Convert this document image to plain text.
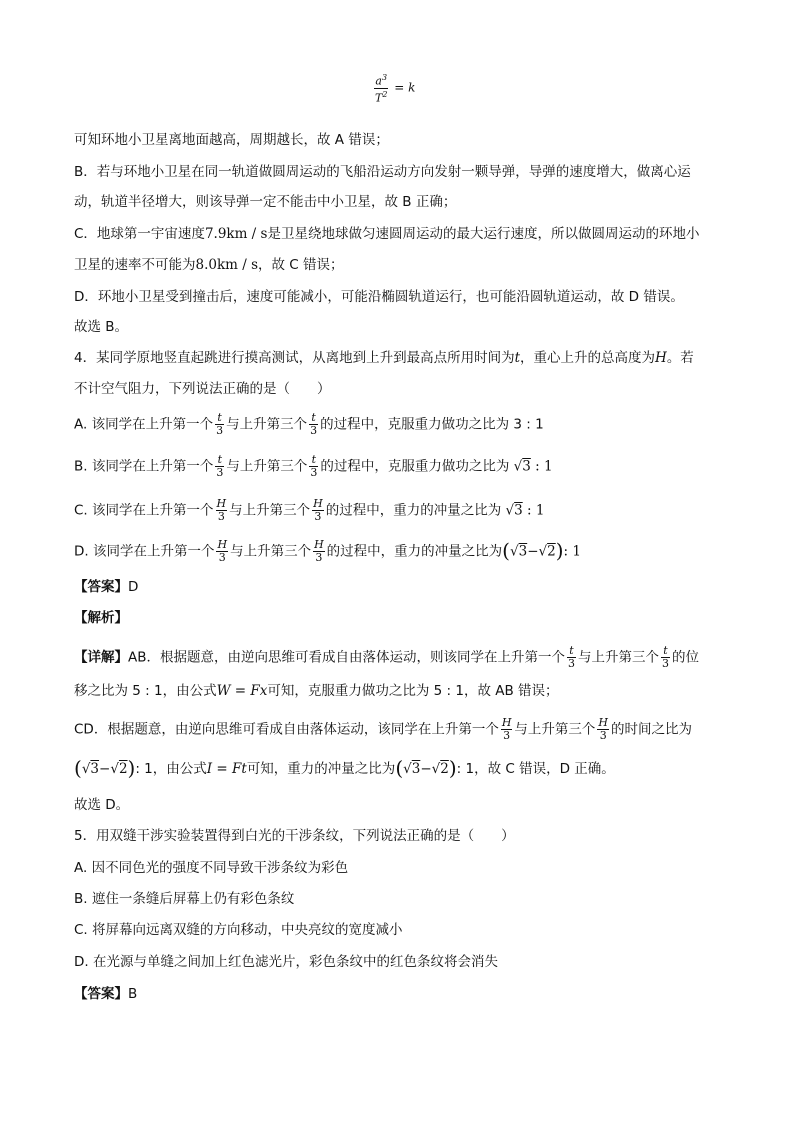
$\frac{a^3}{T^2} = k$
可知环地小卫星离地面越高，周期越长，故 A 错误；
B．若与环地小卫星在同一轨道做圆周运动的飞船沿运动方向发射一颗导弹，导弹的速度增大，做离心运
动，轨道半径增大，则该导弹一定不能击中小卫星，故 B 正确；
C．地球第一宇宙速度7.9km / s是卫星绕地球做匀速圆周运动的最大运行速度，所以做圆周运动的环地小
卫星的速率不可能为8.0km / s，故 C 错误；
D．环地小卫星受到撞击后，速度可能减小，可能沿椭圆轨道运行，也可能沿圆轨道运动，故 D 错误。
故选 B。
4．某同学原地竖直起跳进行摸高测试，从离地到上升到最高点所用时间为t，重心上升的总高度为H。若
不计空气阻力，下列说法正确的是（　　）
A. 该同学在上升第一个 $\frac{t}{3}$ 与上升第三个 $\frac{t}{3}$ 的过程中，克服重力做功之比为 3 : 1
B. 该同学在上升第一个 $\frac{t}{3}$ 与上升第三个 $\frac{t}{3}$ 的过程中，克服重力做功之比为 √3 : 1
C. 该同学在上升第一个 $\frac{H}{3}$ 与上升第三个 $\frac{H}{3}$ 的过程中，重力的冲量之比为 √3 : 1
D. 该同学在上升第一个 $\frac{H}{3}$ 与上升第三个 $\frac{H}{3}$ 的过程中，重力的冲量之比为(√3−√2): 1
【答案】D
【解析】
【详解】AB．根据题意，由逆向思维可看成自由落体运动，则该同学在上升第一个 $\frac{t}{3}$ 与上升第三个 $\frac{t}{3}$ 的位
移之比为 5 : 1，由公式W = Fx可知，克服重力做功之比为 5 : 1，故 AB 错误；
CD．根据题意，由逆向思维可看成自由落体运动，该同学在上升第一个 $\frac{H}{3}$ 与上升第三个 $\frac{H}{3}$ 的时间之比为
(√3−√2): 1，由公式I = Ft可知，重力的冲量之比为(√3−√2): 1，故 C 错误，D 正确。
故选 D。
5．用双缝干涉实验装置得到白光的干涉条纹，下列说法正确的是（　　）
A. 因不同色光的强度不同导致干涉条纹为彩色
B. 遮住一条缝后屏幕上仍有彩色条纹
C. 将屏幕向远离双缝的方向移动，中央亮纹的宽度减小
D. 在光源与单缝之间加上红色滤光片，彩色条纹中的红色条纹将会消失
【答案】B
